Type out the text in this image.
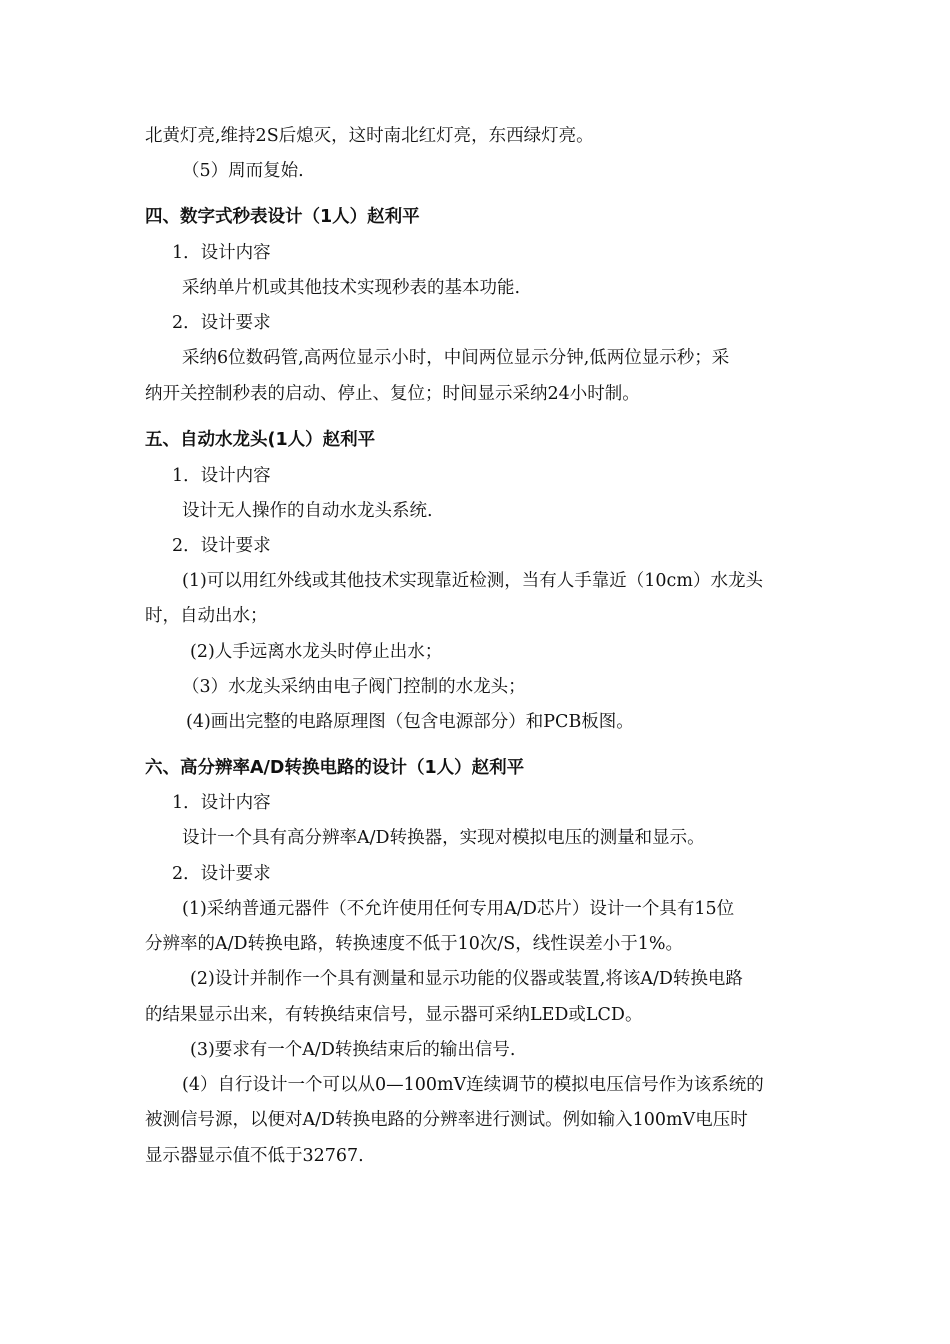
北黄灯亮,维持2S后熄灭，这时南北红灯亮，东西绿灯亮。
（5）周而复始.
四、数字式秒表设计（1人）赵利平
1．设计内容
采纳单片机或其他技术实现秒表的基本功能.
2．设计要求
采纳6位数码管,高两位显示小时，中间两位显示分钟,低两位显示秒；采
纳开关控制秒表的启动、停止、复位；时间显示采纳24小时制。
五、自动水龙头(1人）赵利平
1．设计内容
设计无人操作的自动水龙头系统.
2．设计要求
(1)可以用红外线或其他技术实现靠近检测，当有人手靠近（10cm）水龙头
时，自动出水；
(2)人手远离水龙头时停止出水；
（3）水龙头采纳由电子阀门控制的水龙头；
(4)画出完整的电路原理图（包含电源部分）和PCB板图。
六、高分辨率A/D转换电路的设计（1人）赵利平
1．设计内容
设计一个具有高分辨率A/D转换器，实现对模拟电压的测量和显示。
2．设计要求
(1)采纳普通元器件（不允许使用任何专用A/D芯片）设计一个具有15位
分辨率的A/D转换电路，转换速度不低于10次/S，线性误差小于1%。
(2)设计并制作一个具有测量和显示功能的仪器或装置,将该A/D转换电路
的结果显示出来，有转换结束信号，显示器可采纳LED或LCD。
(3)要求有一个A/D转换结束后的输出信号.
(4）自行设计一个可以从0—100mV连续调节的模拟电压信号作为该系统的
被测信号源，以便对A/D转换电路的分辨率进行测试。例如输入100mV电压时
显示器显示值不低于32767.
